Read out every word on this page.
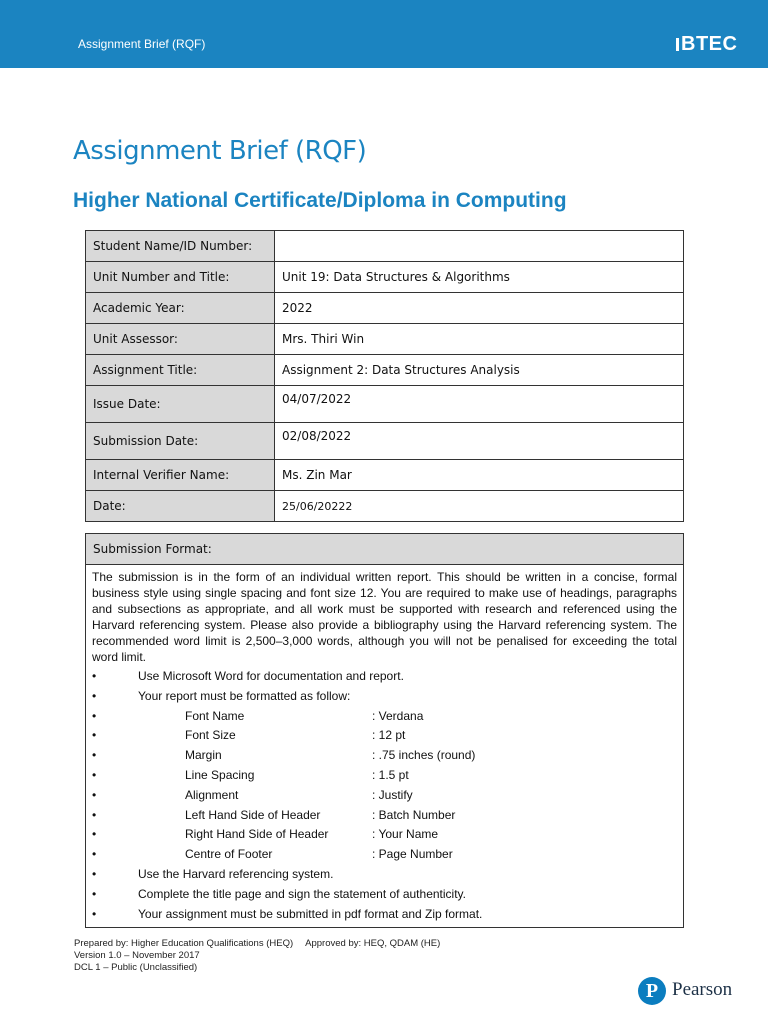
Assignment Brief (RQF)	BTEC
Assignment Brief (RQF)
Higher National Certificate/Diploma in Computing
Student Name/ID Number:	
Unit Number and Title:	Unit 19: Data Structures & Algorithms
Academic Year:	2022
Unit Assessor:	Mrs. Thiri Win
Assignment Title:	Assignment 2: Data Structures Analysis
Issue Date:	04/07/2022
Submission Date:	02/08/2022
Internal Verifier Name:	Ms. Zin Mar
Date:	25/06/20222
Submission Format:

The submission is in the form of an individual written report. This should be written in a concise, formal business style using single spacing and font size 12. You are required to make use of headings, paragraphs and subsections as appropriate, and all work must be supported with research and referenced using the Harvard referencing system. Please also provide a bibliography using the Harvard referencing system. The recommended word limit is 2,500–3,000 words, although you will not be penalised for exceeding the total word limit.

•	Use Microsoft Word for documentation and report.
•	Your report must be formatted as follow:
•	Font Name	: Verdana
•	Font Size	: 12 pt
•	Margin	: .75 inches (round)
•	Line Spacing	: 1.5 pt
•	Alignment	: Justify
•	Left Hand Side of Header	: Batch Number
•	Right Hand Side of Header	: Your Name
•	Centre of Footer	: Page Number
•	Use the Harvard referencing system.
•	Complete the title page and sign the statement of authenticity.
•	Your assignment must be submitted in pdf format and Zip format.
Prepared by: Higher Education Qualifications (HEQ) Approved by: HEQ, QDAM (HE)
Version 1.0 – November 2017
DCL 1 – Public (Unclassified)
P Pearson
